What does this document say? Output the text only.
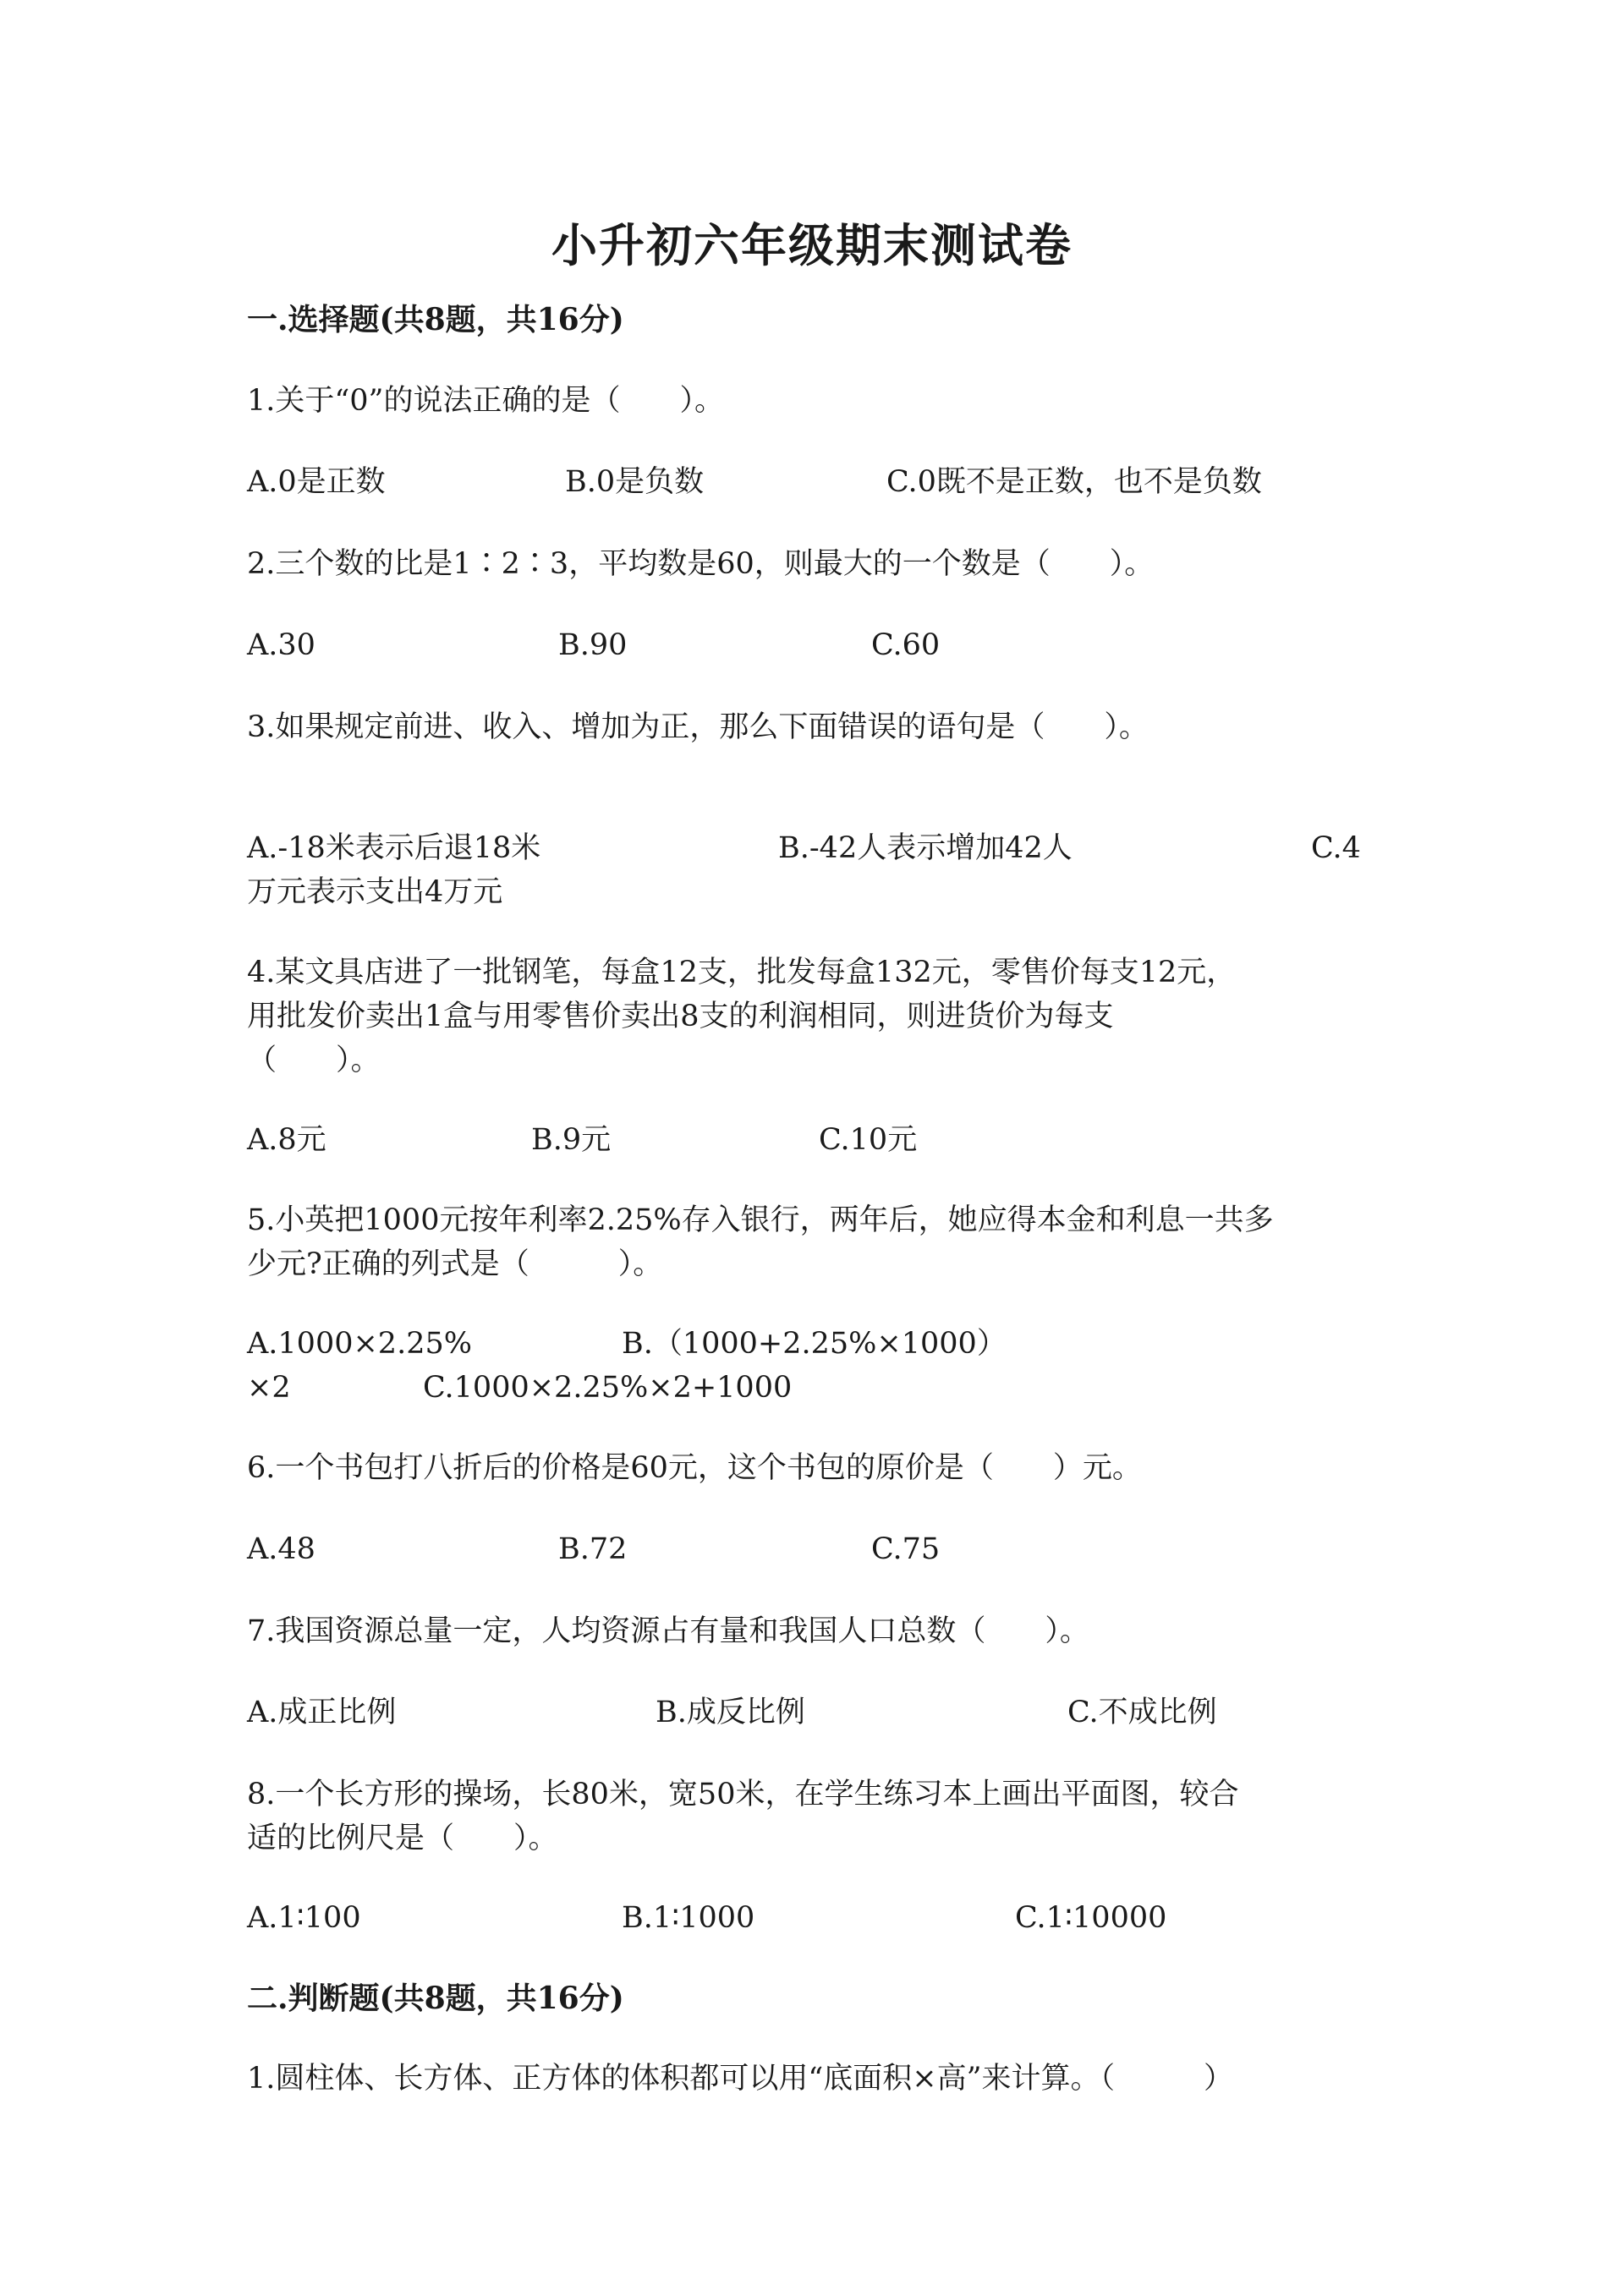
小升初六年级期末测试卷
一.选择题(共8题，共16分)
1.关于“0”的说法正确的是（　　）。
A.0是正数	B.0是负数	C.0既不是正数，也不是负数
2.三个数的比是1∶2∶3，平均数是60，则最大的一个数是（　　）。
A.30	B.90	C.60
3.如果规定前进、收入、增加为正，那么下面错误的语句是（　　）。
A.-18米表示后退18米	B.-42人表示增加42人	C.4
万元表示支出4万元
4.某文具店进了一批钢笔，每盒12支，批发每盒132元，零售价每支12元，
用批发价卖出1盒与用零售价卖出8支的利润相同，则进货价为每支
（　　）。
A.8元	B.9元	C.10元
5.小英把1000元按年利率2.25%存入银行，两年后，她应得本金和利息一共多
少元?正确的列式是（　　　）。
A.1000×2.25%	B.（1000+2.25%×1000）
×2	C.1000×2.25%×2+1000
6.一个书包打八折后的价格是60元，这个书包的原价是（　　）元。
A.48	B.72	C.75
7.我国资源总量一定，人均资源占有量和我国人口总数（　　）。
A.成正比例	B.成反比例	C.不成比例
8.一个长方形的操场，长80米，宽50米，在学生练习本上画出平面图，较合
适的比例尺是（　　）。
A.1∶100	B.1∶1000	C.1∶10000
二.判断题(共8题，共16分)
1.圆柱体、长方体、正方体的体积都可以用“底面积×高”来计算。（　　　）
